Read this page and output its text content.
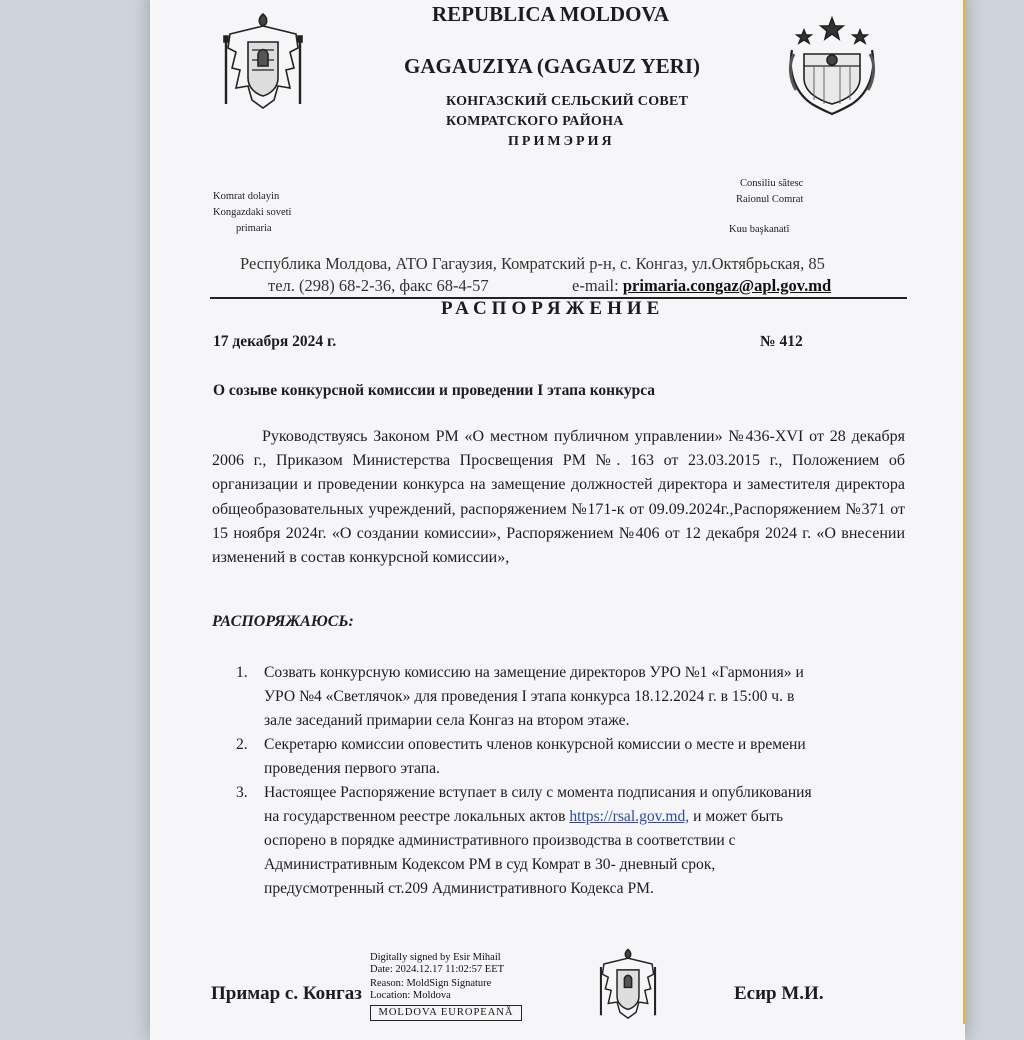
REPUBLICA MOLDOVA
GAGAUZIYA (GAGAUZ YERI)
КОНГАЗСКИЙ СЕЛЬСКИЙ СОВЕТ
КОМРАТСКОГО РАЙОНА
ПРИМЭРИЯ
Komrat dolayin
Kongazdaki soveti
primaria
Consiliu sătesc
Raionul Comrat
Kuu başkanatî
Республика Молдова, АТО Гагаузия, Комратский р-н, с. Конгаз, ул.Октябрьская, 85
тел. (298) 68-2-36, факс 68-4-57	e-mail: primaria.congaz@apl.gov.md
РАСПОРЯЖЕНИЕ
17 декабря 2024 г.	№ 412
О созыве конкурсной комиссии и проведении I этапа конкурса
Руководствуясь Законом РМ «О местном публичном управлении» №436-XVI от 28 декабря 2006 г., Приказом Министерства Просвещения РМ №. 163 от 23.03.2015 г., Положением об организации и проведении конкурса на замещение должностей директора и заместителя директора общеобразовательных учреждений, распоряжением №171-к от 09.09.2024г.,Распоряжением №371 от 15 ноября 2024г. «О создании комиссии», Распоряжением №406 от 12 декабря 2024 г. «О внесении изменений в состав конкурсной комиссии»,
РАСПОРЯЖАЮСЬ:
1.	Созвать конкурсную комиссию на замещение директоров УРО №1 «Гармония» и
УРО №4 «Светлячок» для проведения I этапа конкурса 18.12.2024 г. в 15:00 ч. в
зале заседаний примарии села Конгаз на втором этаже.
2.	Секретарю комиссии оповестить членов конкурсной комиссии о месте и времени
проведения первого этапа.
3.	Настоящее Распоряжение вступает в силу с момента подписания и опубликования
на государственном реестре локальных актов https://rsal.gov.md, и может быть
оспорено в порядке административного производства в соответствии с
Административным Кодексом РМ в суд Комрат в 30- дневный срок,
предусмотренный ст.209 Административного Кодекса РМ.
Digitally signed by Esir Mihail
Date: 2024.12.17 11:02:57 EET
Reason: MoldSign Signature
Location: Moldova
MOLDOVA EUROPEANĂ
Примар с. Конгаз	Есир М.И.
